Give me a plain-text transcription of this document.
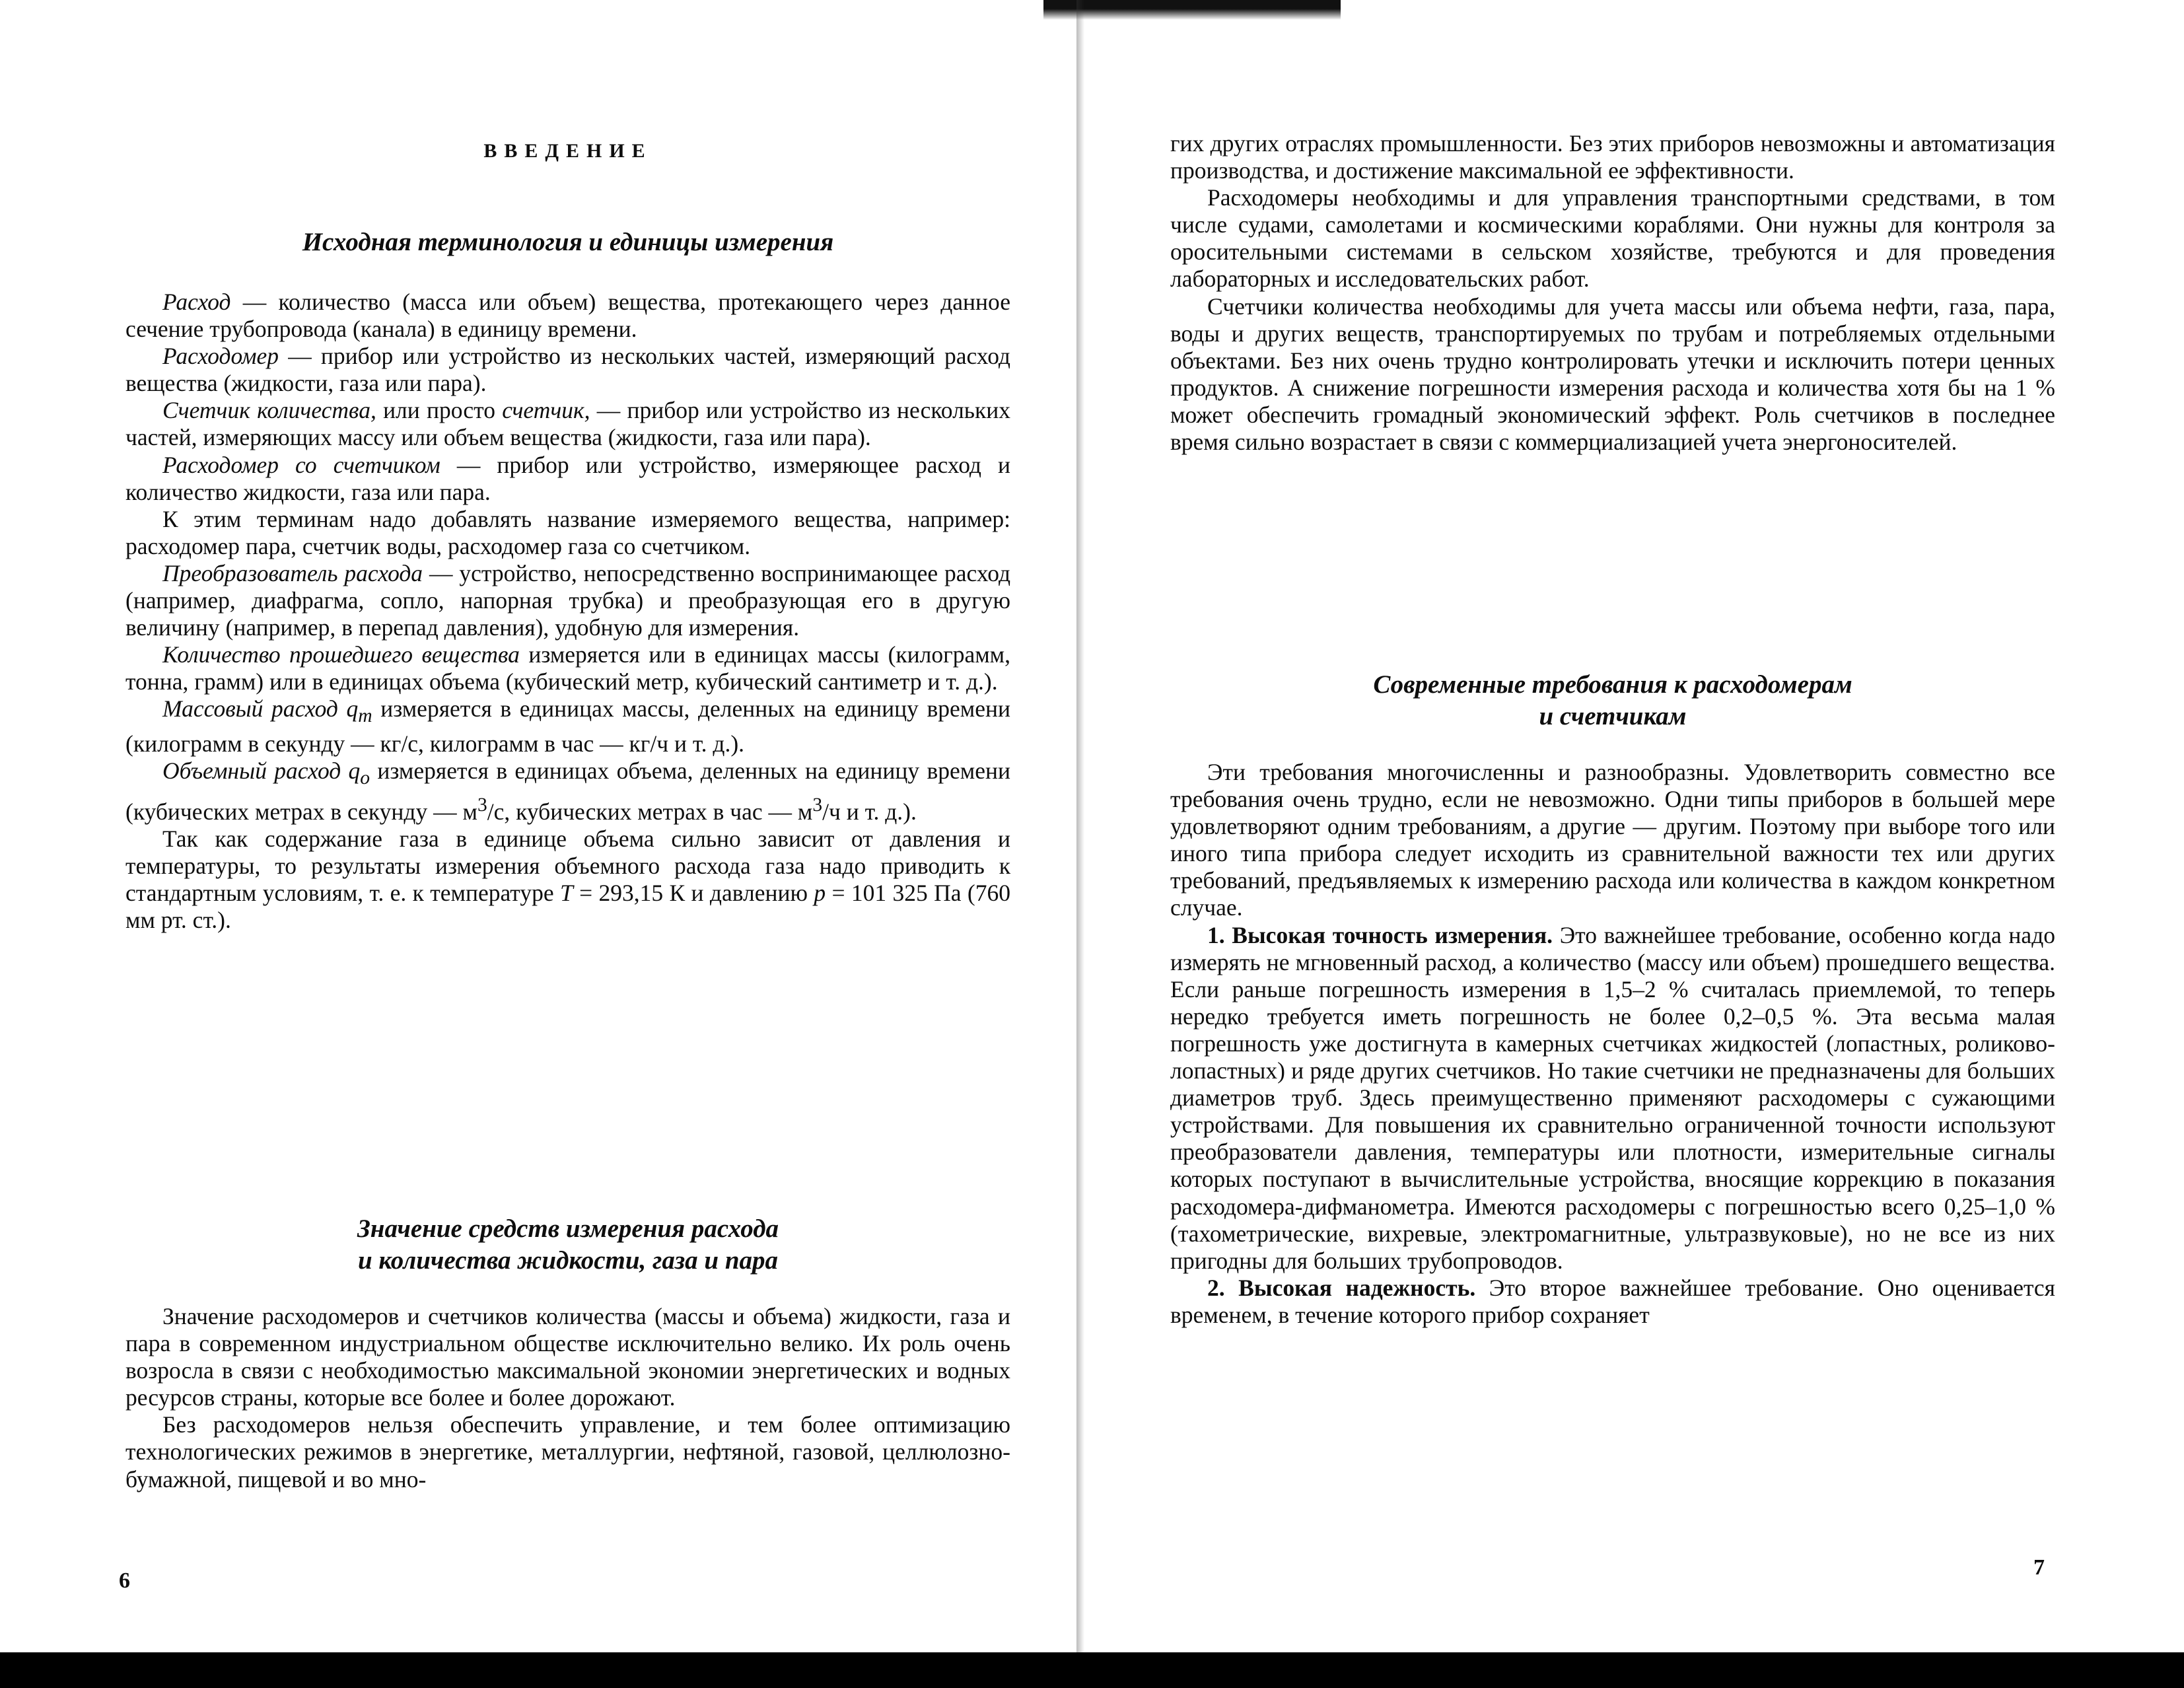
ВВЕДЕНИЕ
Исходная терминология и единицы измерения

Расход — количество (масса или объем) вещества, протекающего через данное сечение трубопровода (канала) в единицу времени.

Расходомер — прибор или устройство из нескольких частей, измеряющий расход вещества (жидкости, газа или пара).

Счетчик количества, или просто счетчик, — прибор или устройство из нескольких частей, измеряющих массу или объем вещества (жидкости, газа или пара).

Расходомер со счетчиком — прибор или устройство, измеряющее расход и количество жидкости, газа или пара.

К этим терминам надо добавлять название измеряемого вещества, например: расходомер пара, счетчик воды, расходомер газа со счетчиком.

Преобразователь расхода — устройство, непосредственно воспринимающее расход (например, диафрагма, сопло, напорная трубка) и преобразующая его в другую величину (например, в перепад давления), удобную для измерения.

Количество прошедшего вещества измеряется или в единицах массы (килограмм, тонна, грамм) или в единицах объема (кубический метр, кубический сантиметр и т. д.).

Массовый расход $q_m$ измеряется в единицах массы, деленных на единицу времени (килограмм в секунду — кг/с, килограмм в час — кг/ч и т. д.).

Объемный расход $q_o$ измеряется в единицах объема, деленных на единицу времени (кубических метрах в секунду — $м^3/с$, кубических метрах в час — $м^3/ч$ и т. д.).

Так как содержание газа в единице объема сильно зависит от давления и температуры, то результаты измерения объемного расхода газа надо приводить к стандартным условиям, т. е. к температуре T = 293,15 К и давлению p = 101 325 Па (760 мм рт. ст.).

Значение средств измерения расхода
и количества жидкости, газа и пара

Значение расходомеров и счетчиков количества (массы и объема) жидкости, газа и пара в современном индустриальном обществе исключительно велико. Их роль очень возросла в связи с необходимостью максимальной экономии энергетических и водных ресурсов страны, которые все более и более дорожают.

Без расходомеров нельзя обеспечить управление, и тем более оптимизацию технологических режимов в энергетике, металлургии, нефтяной, газовой, целлюлозно-бумажной, пищевой и во мно-

6

гих других отраслях промышленности. Без этих приборов невозможны и автоматизация производства, и достижение максимальной ее эффективности.

Расходомеры необходимы и для управления транспортными средствами, в том числе судами, самолетами и космическими кораблями. Они нужны для контроля за оросительными системами в сельском хозяйстве, требуются и для проведения лабораторных и исследовательских работ.

Счетчики количества необходимы для учета массы или объема нефти, газа, пара, воды и других веществ, транспортируемых по трубам и потребляемых отдельными объектами. Без них очень трудно контролировать утечки и исключить потери ценных продуктов. А снижение погрешности измерения расхода и количества хотя бы на 1 % может обеспечить громадный экономический эффект. Роль счетчиков в последнее время сильно возрастает в связи с коммерциализацией учета энергоносителей.

Современные требования к расходомерам
и счетчикам

Эти требования многочисленны и разнообразны. Удовлетворить совместно все требования очень трудно, если не невозможно. Одни типы приборов в большей мере удовлетворяют одним требованиям, а другие — другим. Поэтому при выборе того или иного типа прибора следует исходить из сравнительной важности тех или других требований, предъявляемых к измерению расхода или количества в каждом конкретном случае.

1. Высокая точность измерения. Это важнейшее требование, особенно когда надо измерять не мгновенный расход, а количество (массу или объем) прошедшего вещества. Если раньше погрешность измерения в 1,5–2 % считалась приемлемой, то теперь нередко требуется иметь погрешность не более 0,2–0,5 %. Эта весьма малая погрешность уже достигнута в камерных счетчиках жидкостей (лопастных, роликово-лопастных) и ряде других счетчиков. Но такие счетчики не предназначены для больших диаметров труб. Здесь преимущественно применяют расходомеры с сужающими устройствами. Для повышения их сравнительно ограниченной точности используют преобразователи давления, температуры или плотности, измерительные сигналы которых поступают в вычислительные устройства, вносящие коррекцию в показания расходомера-дифманометра. Имеются расходомеры с погрешностью всего 0,25–1,0 % (тахометрические, вихревые, электромагнитные, ультразвуковые), но не все из них пригодны для больших трубопроводов.

2. Высокая надежность. Это второе важнейшее требование. Оно оценивается временем, в течение которого прибор сохраняет

7
